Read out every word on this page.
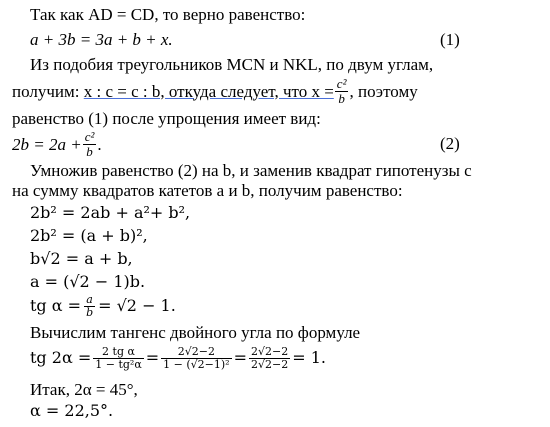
Так как AD = CD, то верно равенство:
a + 3b = 3a + b + x.	(1)
Из подобия треугольников MCN и NKL, по двум углам,
получим:
x : c = c : b, откуда следует, что $x = \frac{\text{c²}}{b}$ , поэтому
равенство (1) после упрощения имеет вид:
$2b = 2a + \frac{\text{c²}}{b}$ .	(2)
Умножив равенство (2) на b, и заменив квадрат гипотенузы c
на сумму квадратов катетов a и b, получим равенство:
2b² = 2ab + a²+ b²,
2b² = (a + b)²,
b√2 = a + b,
a = (√2 − 1)b.
tg $\alpha = \frac{a}{b} = √2 - 1$.
Вычислим тангенс двойного угла по формуле
tg $2\alpha = \frac{\text{2 tg α}}{\text{1 − tg²α}} = \frac{2√2-2}{\text{1 − (√2−1)²}} = \frac{2√2-2}{2√2-2} = 1$.
Итак, 2α = 45°,
α = 22,5°.
